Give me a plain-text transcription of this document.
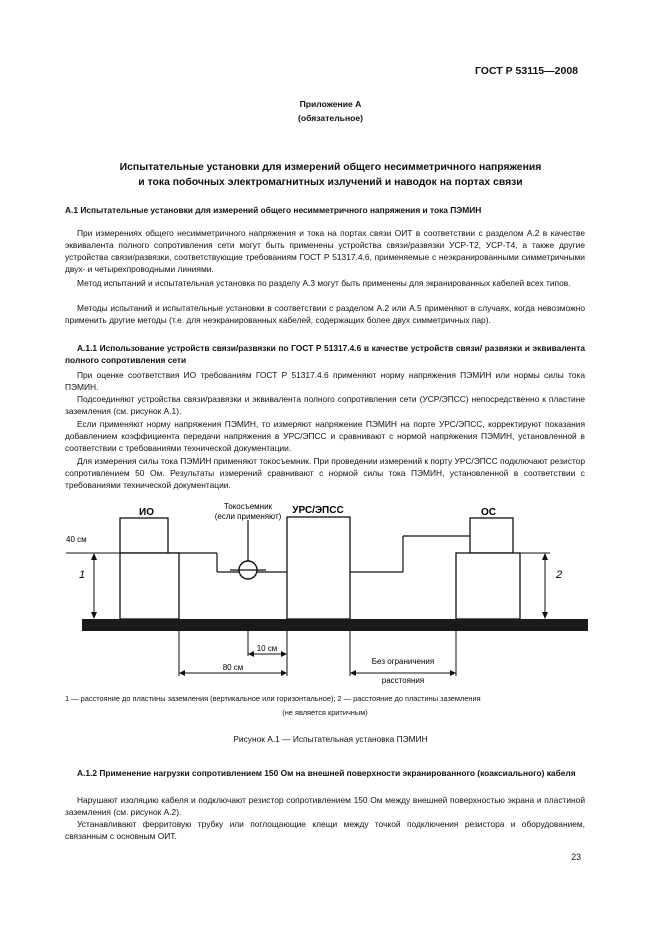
ГОСТ Р 53115—2008
Приложение А
(обязательное)
Испытательные установки для измерений общего несимметричного напряжения
и тока побочных электромагнитных излучений и наводок на портах связи
А.1 Испытательные установки для измерений общего несимметричного напряжения и тока ПЭМИН
При измерениях общего несимметричного напряжения и тока на портах связи ОИТ в соответствии с разделом А.2 в качестве эквивалента полного сопротивления сети могут быть применены устройства связи/развязки УСР-Т2, УСР-Т4, а также другие устройства связи/развязки, соответствующие требованиям ГОСТ Р 51317.4.6, применяемые с неэкранированными симметричными двух- и четырехпроводными линиями.
Метод испытаний и испытательная установка по разделу А.3 могут быть применены для экранированных кабелей всех типов.
Методы испытаний и испытательные установки в соответствии с разделом А.2 или А.5 применяют в случаях, когда невозможно применить другие методы (т.е. для неэкранированных кабелей, содержащих более двух симметричных пар).
А.1.1 Использование устройств связи/развязки по ГОСТ Р 51317.4.6 в качестве устройств связи/ развязки и эквивалента полного сопротивления сети
При оценке соответствия ИО требованиям ГОСТ Р 51317.4.6 применяют норму напряжения ПЭМИН или нормы силы тока ПЭМИН.
Подсоединяют устройства связи/развязки и эквивалента полного сопротивления сети (УСР/ЭПСС) непосредственно к пластине заземления (см. рисунок А.1).
Если применяют норму напряжения ПЭМИН, то измеряют напряжение ПЭМИН на порте УРС/ЭПСС, корректируют показания добавлением коэффициента передачи напряжения в УРС/ЭПСС и сравнивают с нормой напряжения ПЭМИН, установленной в соответствии с требованиями технической документации.
Для измерения силы тока ПЭМИН применяют токосъемник. При проведении измерений к порту УРС/ЭПСС подключают резистор сопротивлением 50 Ом. Результаты измерений сравнивают с нормой силы тока ПЭМИН, установленной в соответствии с требованиями технической документации.
ИО
Токосъемник
(если применяют)
УРС/ЭПСС	ОС
40 см
1	2
10 см
80 см
Без ограничения
расстояния
1 — расстояние до пластины заземления (вертикальное или горизонтальное); 2 — расстояние до пластины заземления
(не является критичным)
Рисунок А.1 — Испытательная установка ПЭМИН
А.1.2 Применение нагрузки сопротивлением 150 Ом на внешней поверхности экранированного (коаксиального) кабеля
Нарушают изоляцию кабеля и подключают резистор сопротивлением 150 Ом между внешней поверхностью экрана и пластиной заземления (см. рисунок А.2).
Устанавливают ферритовую трубку или поглощающие клещи между точкой подключения резистора и оборудованием, связанным с основным ОИТ.
23
